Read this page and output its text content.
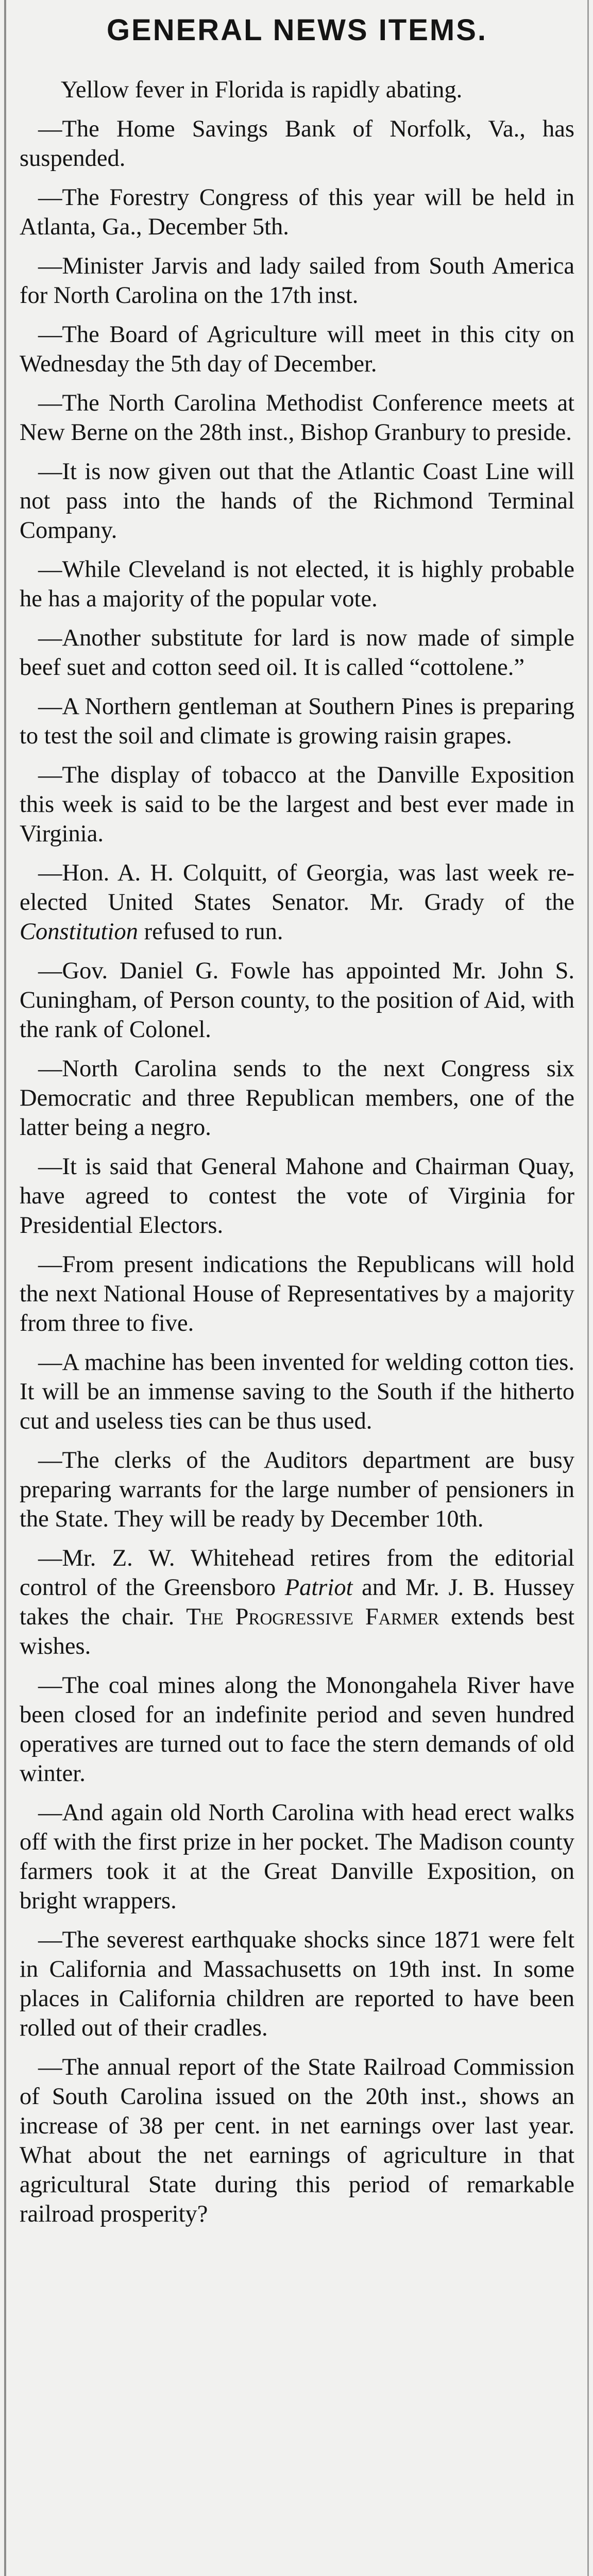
GENERAL NEWS ITEMS.

Yellow fever in Florida is rapidly abating.

—The Home Savings Bank of Norfolk, Va., has suspended.

—The Forestry Congress of this year will be held in Atlanta, Ga., December 5th.

—Minister Jarvis and lady sailed from South America for North Carolina on the 17th inst.

—The Board of Agriculture will meet in this city on Wednesday the 5th day of December.

—The North Carolina Methodist Conference meets at New Berne on the 28th inst., Bishop Granbury to preside.

—It is now given out that the Atlantic Coast Line will not pass into the hands of the Richmond Terminal Company.

—While Cleveland is not elected, it is highly probable he has a majority of the popular vote.

—Another substitute for lard is now made of simple beef suet and cotton seed oil. It is called “cottolene.”

—A Northern gentleman at Southern Pines is preparing to test the soil and climate is growing raisin grapes.

—The display of tobacco at the Danville Exposition this week is said to be the largest and best ever made in Virginia.

—Hon. A. H. Colquitt, of Georgia, was last week re-elected United States Senator. Mr. Grady of the Constitution refused to run.

—Gov. Daniel G. Fowle has appointed Mr. John S. Cuningham, of Person county, to the position of Aid, with the rank of Colonel.

—North Carolina sends to the next Congress six Democratic and three Republican members, one of the latter being a negro.

—It is said that General Mahone and Chairman Quay, have agreed to contest the vote of Virginia for Presidential Electors.

—From present indications the Republicans will hold the next National House of Representatives by a majority from three to five.

—A machine has been invented for welding cotton ties. It will be an immense saving to the South if the hitherto cut and useless ties can be thus used.

—The clerks of the Auditors department are busy preparing warrants for the large number of pensioners in the State. They will be ready by December 10th.

—Mr. Z. W. Whitehead retires from the editorial control of the Greensboro Patriot and Mr. J. B. Hussey takes the chair. The Progressive Farmer extends best wishes.

—The coal mines along the Monongahela River have been closed for an indefinite period and seven hundred operatives are turned out to face the stern demands of old winter.

—And again old North Carolina with head erect walks off with the first prize in her pocket. The Madison county farmers took it at the Great Danville Exposition, on bright wrappers.

—The severest earthquake shocks since 1871 were felt in California and Massachusetts on 19th inst. In some places in California children are reported to have been rolled out of their cradles.

—The annual report of the State Railroad Commission of South Carolina issued on the 20th inst., shows an increase of 38 per cent. in net earnings over last year. What about the net earnings of agriculture in that agricultural State during this period of remarkable railroad prosperity?
